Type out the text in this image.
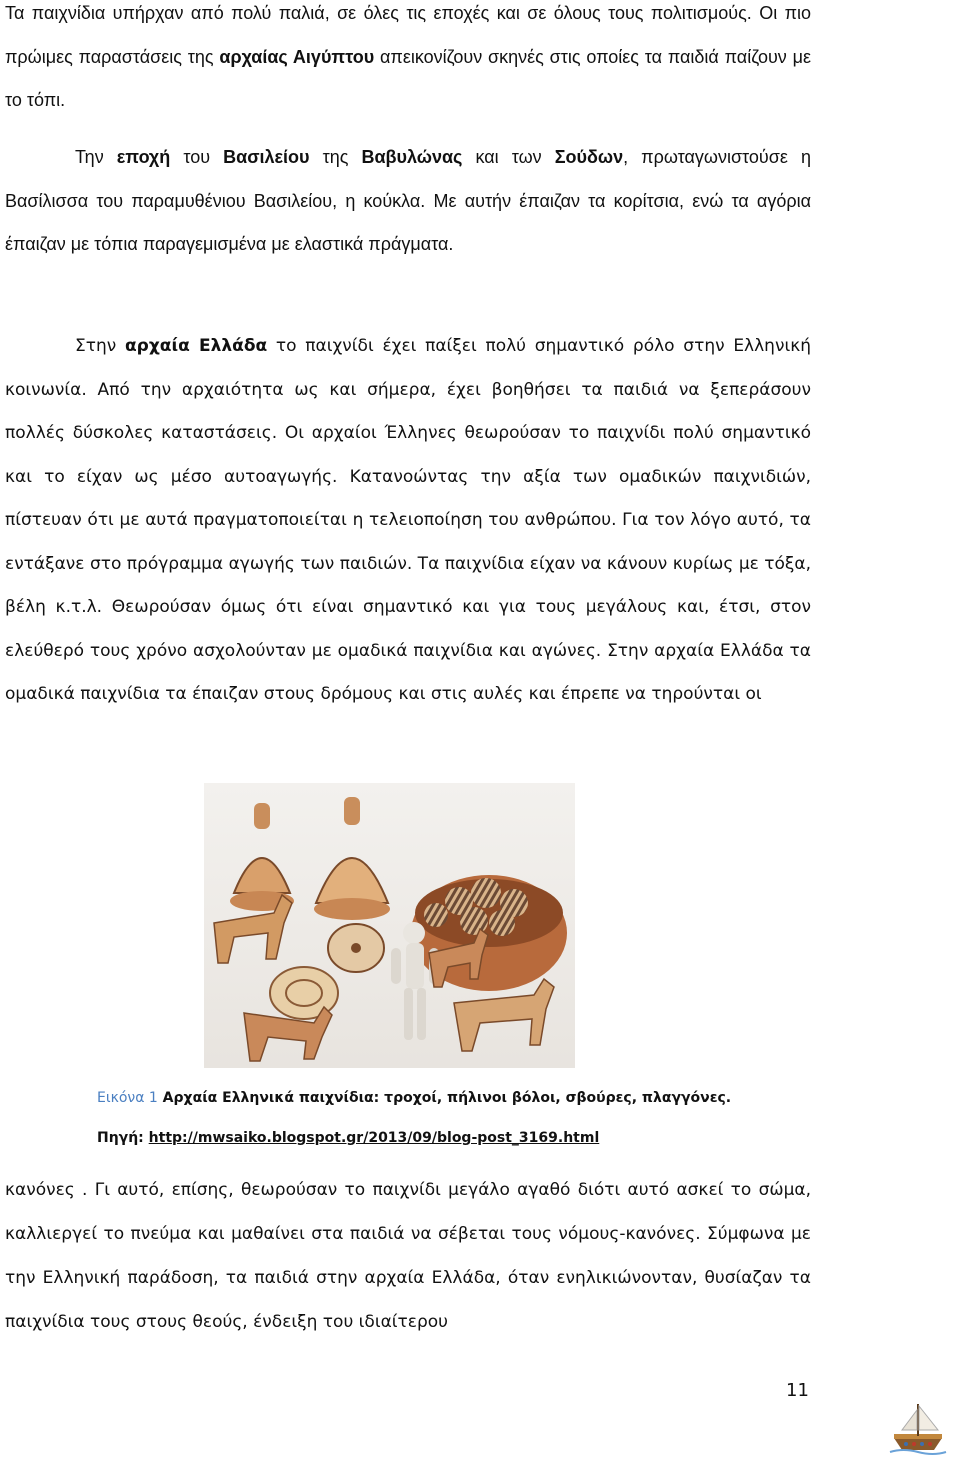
Τα παιχνίδια υπήρχαν από πολύ παλιά, σε όλες τις εποχές και σε όλους τους πολιτισμούς. Οι πιο πρώιμες παραστάσεις της αρχαίας Αιγύπτου απεικονίζουν σκηνές στις οποίες τα παιδιά παίζουν με το τόπι.

Την εποχή του Βασιλείου της Βαβυλώνας και των Σούδων, πρωταγωνιστούσε η Βασίλισσα του παραμυθένιου Βασιλείου, η κούκλα. Με αυτήν έπαιζαν τα κορίτσια, ενώ τα αγόρια έπαιζαν με τόπια παραγεμισμένα με ελαστικά πράγματα.

Στην αρχαία Ελλάδα το παιχνίδι έχει παίξει πολύ σημαντικό ρόλο στην Ελληνική κοινωνία. Από την αρχαιότητα ως και σήμερα, έχει βοηθήσει τα παιδιά να ξεπεράσουν πολλές δύσκολες καταστάσεις. Οι αρχαίοι Έλληνες θεωρούσαν το παιχνίδι πολύ σημαντικό και το είχαν ως μέσο αυτοαγωγής. Κατανοώντας την αξία των ομαδικών παιχνιδιών, πίστευαν ότι με αυτά πραγματοποιείται η τελειοποίηση του ανθρώπου. Για τον λόγο αυτό, τα εντάξανε στο πρόγραμμα αγωγής των παιδιών. Τα παιχνίδια είχαν να κάνουν κυρίως με τόξα, βέλη κ.τ.λ. Θεωρούσαν όμως ότι είναι σημαντικό και για τους μεγάλους και, έτσι, στον ελεύθερό τους χρόνο ασχολούνταν με ομαδικά παιχνίδια και αγώνες. Στην αρχαία Ελλάδα τα ομαδικά παιχνίδια τα έπαιζαν στους δρόμους και στις αυλές και έπρεπε να τηρούνται οι

Εικόνα 1 Αρχαία Ελληνικά παιχνίδια: τροχοί, πήλινοι βόλοι, σβούρες, πλαγγόνες.
Πηγή: http://mwsaiko.blogspot.gr/2013/09/blog-post_3169.html

κανόνες . Γι αυτό, επίσης, θεωρούσαν το παιχνίδι μεγάλο αγαθό διότι αυτό ασκεί το σώμα, καλλιεργεί το πνεύμα και μαθαίνει στα παιδιά να σέβεται τους νόμους-κανόνες. Σύμφωνα με την Ελληνική παράδοση, τα παιδιά στην αρχαία Ελλάδα, όταν ενηλικιώνονταν, θυσίαζαν τα παιχνίδια τους στους θεούς, ένδειξη του ιδιαίτερου

11
